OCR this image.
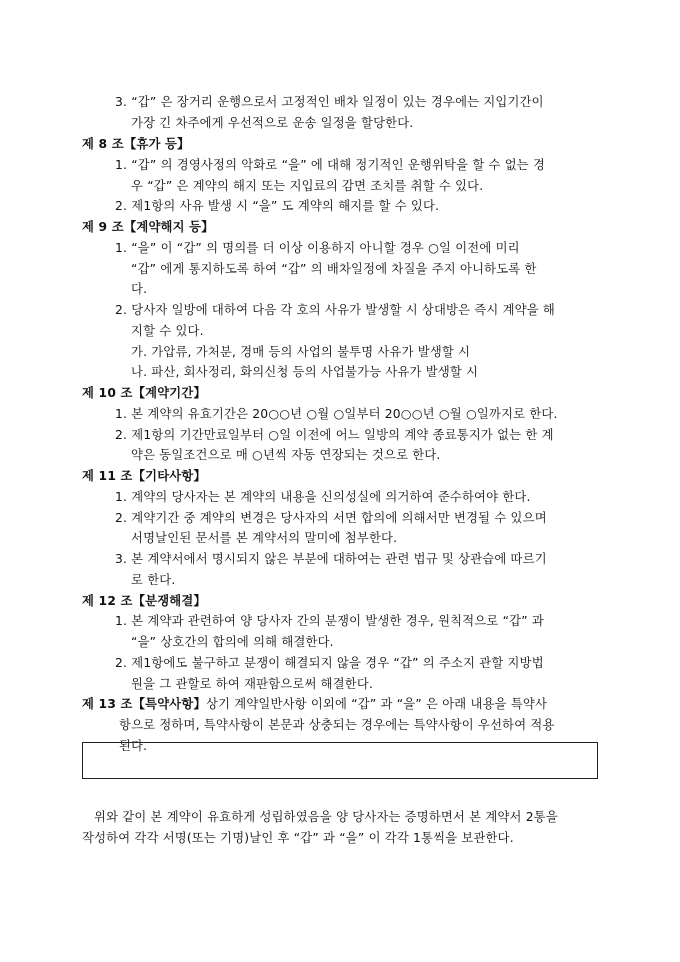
3. “갑” 은 장거리 운행으로서 고정적인 배차 일정이 있는 경우에는 지입기간이
가장 긴 차주에게 우선적으로 운송 일정을 할당한다.
제 8 조【휴가 등】
1. “갑” 의 경영사정의 악화로 “을” 에 대해 정기적인 운행위탁을 할 수 없는 경
우 “갑” 은 계약의 해지 또는 지입료의 감면 조치를 취할 수 있다.
2. 제1항의 사유 발생 시 “을” 도 계약의 해지를 할 수 있다.
제 9 조【계약해지 등】
1. “을” 이 “갑” 의 명의를 더 이상 이용하지 아니할 경우 ○일 이전에 미리
“갑” 에게 통지하도록 하여 “갑” 의 배차일정에 차질을 주지 아니하도록 한
다.
2. 당사자 일방에 대하여 다음 각 호의 사유가 발생할 시 상대방은 즉시 계약을 해
지할 수 있다.
가. 가압류, 가처분, 경매 등의 사업의 불투명 사유가 발생할 시
나. 파산, 회사정리, 화의신청 등의 사업불가능 사유가 발생할 시
제 10 조【계약기간】
1. 본 계약의 유효기간은 20○○년 ○월 ○일부터 20○○년 ○월 ○일까지로 한다.
2. 제1항의 기간만료일부터 ○일 이전에 어느 일방의 계약 종료통지가 없는 한 계
약은 동일조건으로 매 ○년씩 자동 연장되는 것으로 한다.
제 11 조【기타사항】
1. 계약의 당사자는 본 계약의 내용을 신의성실에 의거하여 준수하여야 한다.
2. 계약기간 중 계약의 변경은 당사자의 서면 합의에 의해서만 변경될 수 있으며
서명날인된 문서를 본 계약서의 말미에 첨부한다.
3. 본 계약서에서 명시되지 않은 부분에 대하여는 관련 법규 및 상관습에 따르기
로 한다.
제 12 조【분쟁해결】
1. 본 계약과 관련하여 양 당사자 간의 분쟁이 발생한 경우, 원칙적으로 “갑” 과
“을” 상호간의 합의에 의해 해결한다.
2. 제1항에도 불구하고 분쟁이 해결되지 않을 경우 “갑” 의 주소지 관할 지방법
원을 그 관할로 하여 재판함으로써 해결한다.
제 13 조【특약사항】 상기 계약일반사항 이외에 “갑” 과 “을” 은 아래 내용을 특약사
항으로 정하며, 특약사항이 본문과 상충되는 경우에는 특약사항이 우선하여 적용
된다.
위와 같이 본 계약이 유효하게 성립하였음을 양 당사자는 증명하면서 본 계약서 2통을
작성하여 각각 서명(또는 기명)날인 후 “갑” 과 “을” 이 각각 1통씩을 보관한다.
